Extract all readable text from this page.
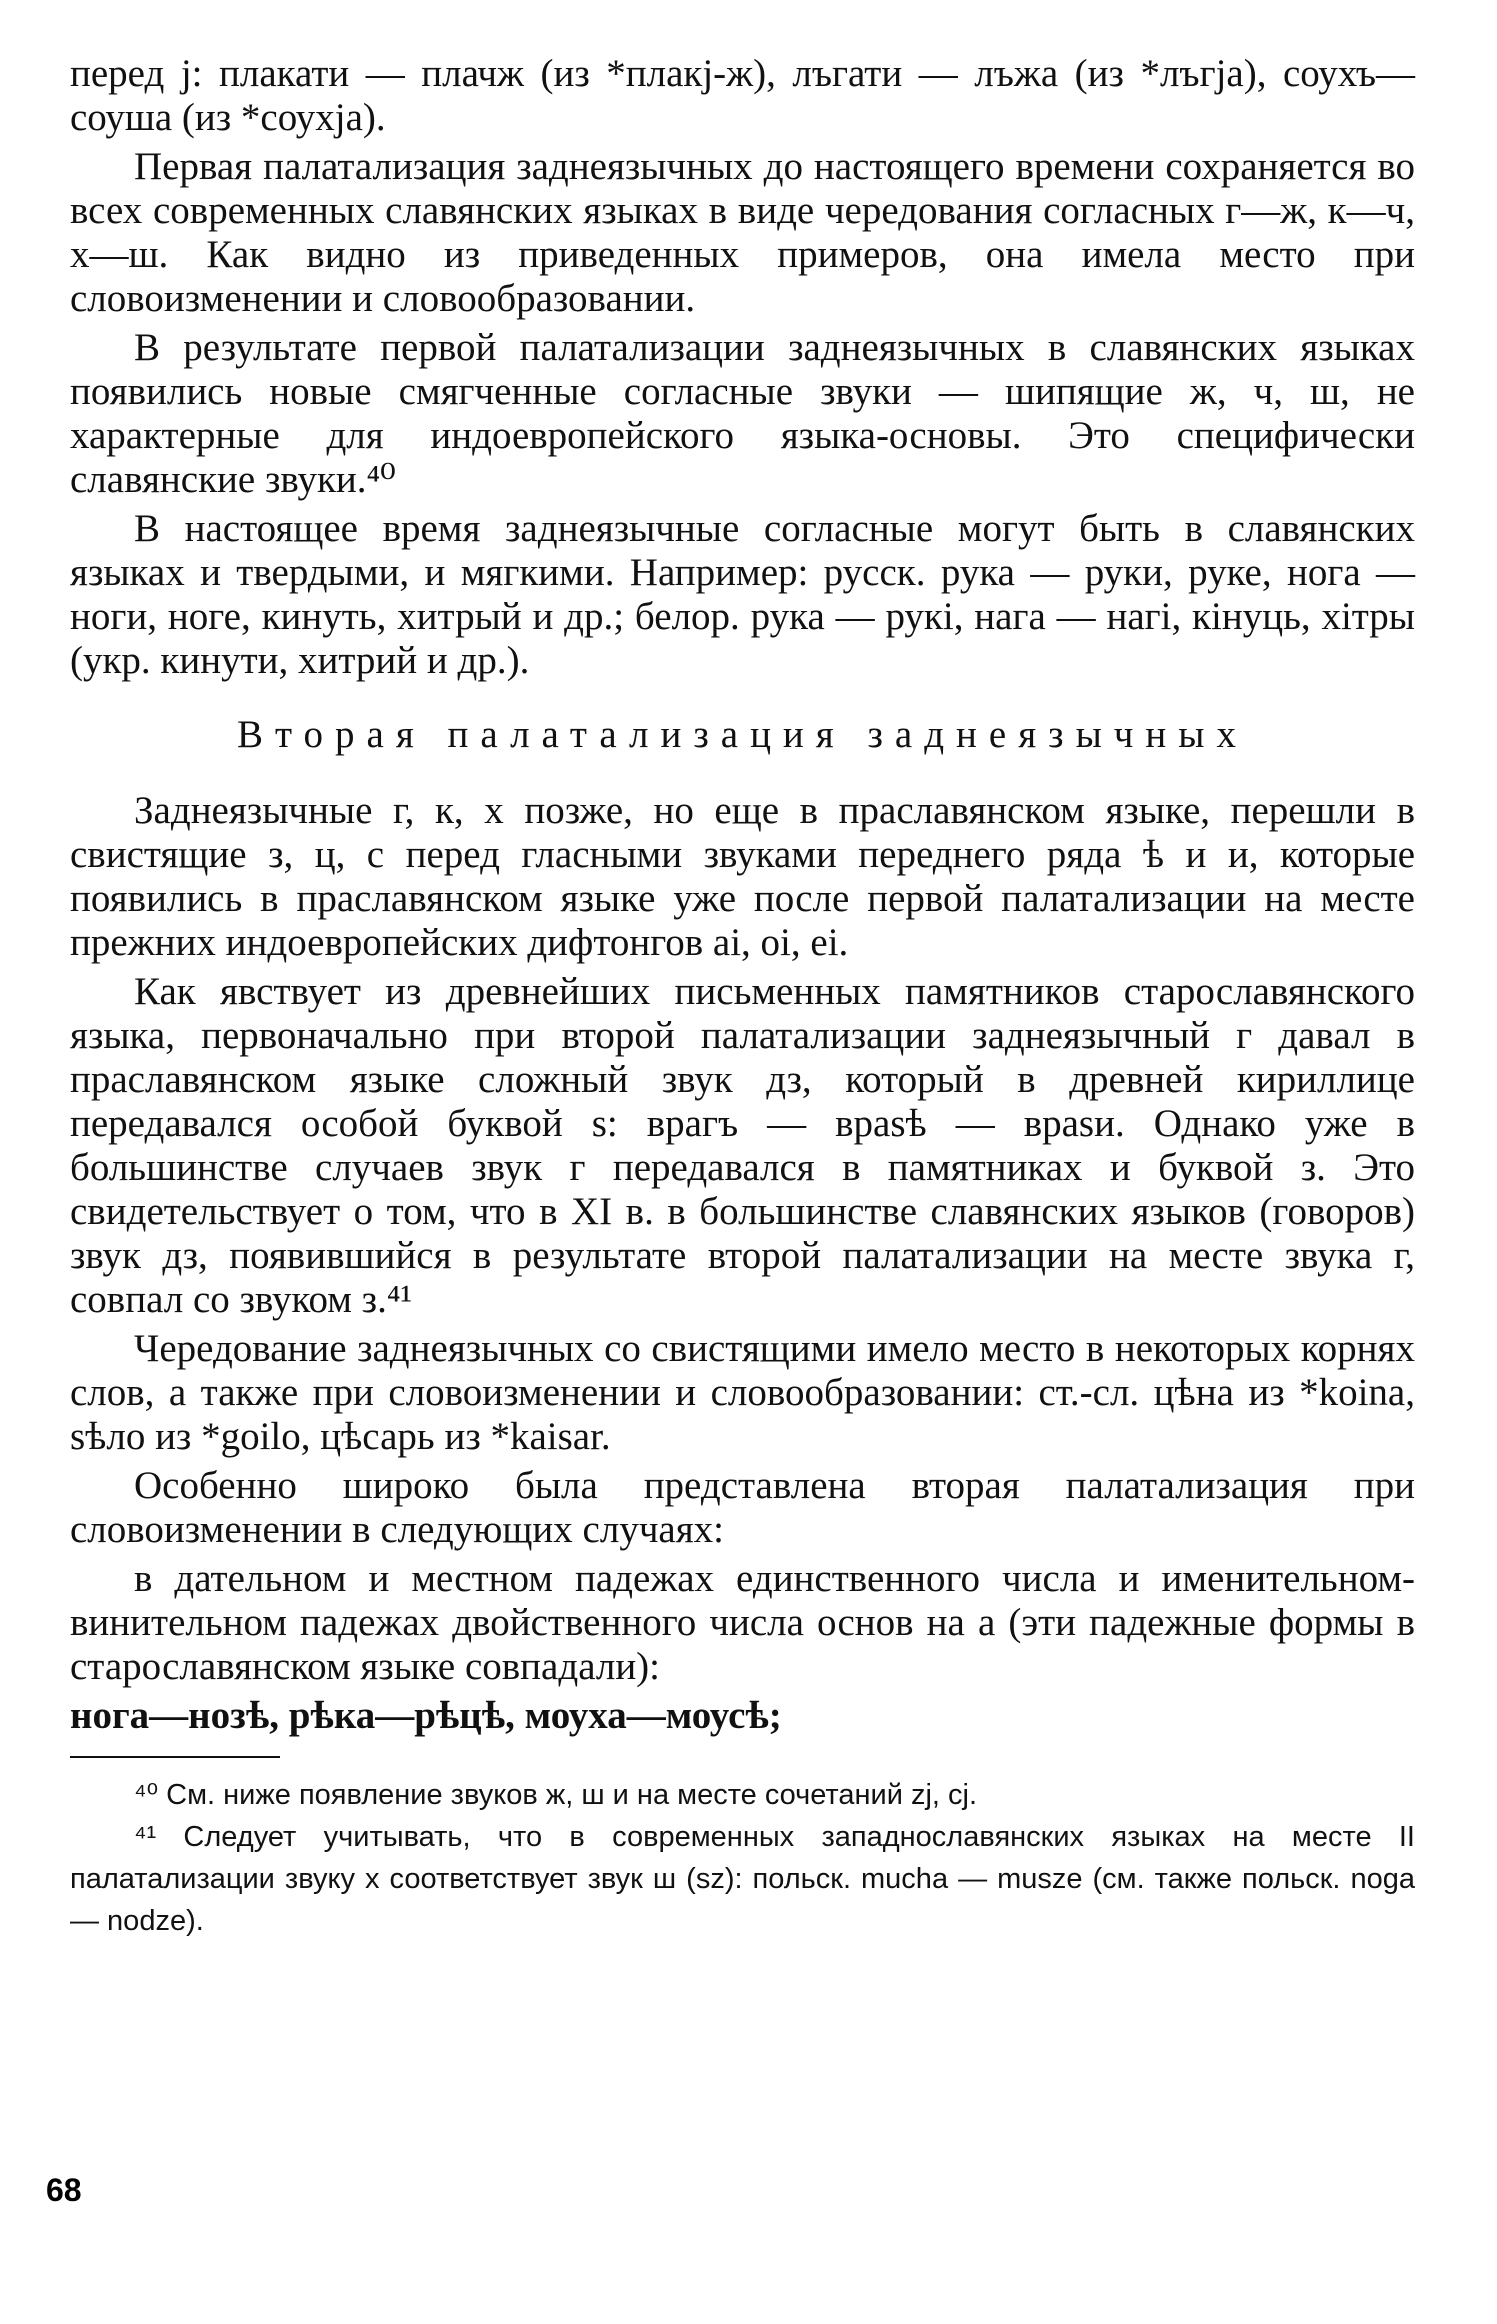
перед j: плакати — плачж (из *плакj-ж), лъгати — лъжа (из *лъгjа), соухъ—соуша (из *соухjа).

Первая палатализация заднеязычных до настоящего времени сохраняется во всех современных славянских языках в виде чередования согласных г—ж, к—ч, х—ш. Как видно из приведенных примеров, она имела место при словоизменении и словообразовании.

В результате первой палатализации заднеязычных в славянских языках появились новые смягченные согласные звуки — шипящие ж, ч, ш, не характерные для индоевропейского языка-основы. Это специфически славянские звуки.⁴⁰

В настоящее время заднеязычные согласные могут быть в славянских языках и твердыми, и мягкими. Например: русск. рука — руки, руке, нога — ноги, ноге, кинуть, хитрый и др.; белор. рука — рукі, нага — нагі, кінуць, хітры (укр. кинути, хитрий и др.).

Вторая палатализация заднеязычных

Заднеязычные г, к, х позже, но еще в праславянском языке, перешли в свистящие з, ц, с перед гласными звуками переднего ряда ѣ и и, которые появились в праславянском языке уже после первой палатализации на месте прежних индоевропейских дифтонгов ai, oi, ei.

Как явствует из древнейших письменных памятников старославянского языка, первоначально при второй палатализации заднеязычный г давал в праславянском языке сложный звук дз, который в древней кириллице передавался особой буквой ѕ: врагъ — враѕѣ — враѕи. Однако уже в большинстве случаев звук г передавался в памятниках и буквой з. Это свидетельствует о том, что в XI в. в большинстве славянских языков (говоров) звук дз, появившийся в результате второй палатализации на месте звука г, совпал со звуком з.⁴¹

Чередование заднеязычных со свистящими имело место в некоторых корнях слов, а также при словоизменении и словообразовании: ст.-сл. цѣна из *koina, ѕѣло из *goilo, цѣсарь из *kaisar.

Особенно широко была представлена вторая палатализация при словоизменении в следующих случаях:

в дательном и местном падежах единственного числа и именительном-винительном падежах двойственного числа основ на а (эти падежные формы в старославянском языке совпадали):

нога—нозѣ, рѣка—рѣцѣ, моуха—моусѣ;

⁴⁰ См. ниже появление звуков ж, ш и на месте сочетаний zj, cj.

⁴¹ Следует учитывать, что в современных западнославянских языках на месте II палатализации звуку х соответствует звук ш (sz): польск. mucha — musze (см. также польск. noga — nodze).

68
